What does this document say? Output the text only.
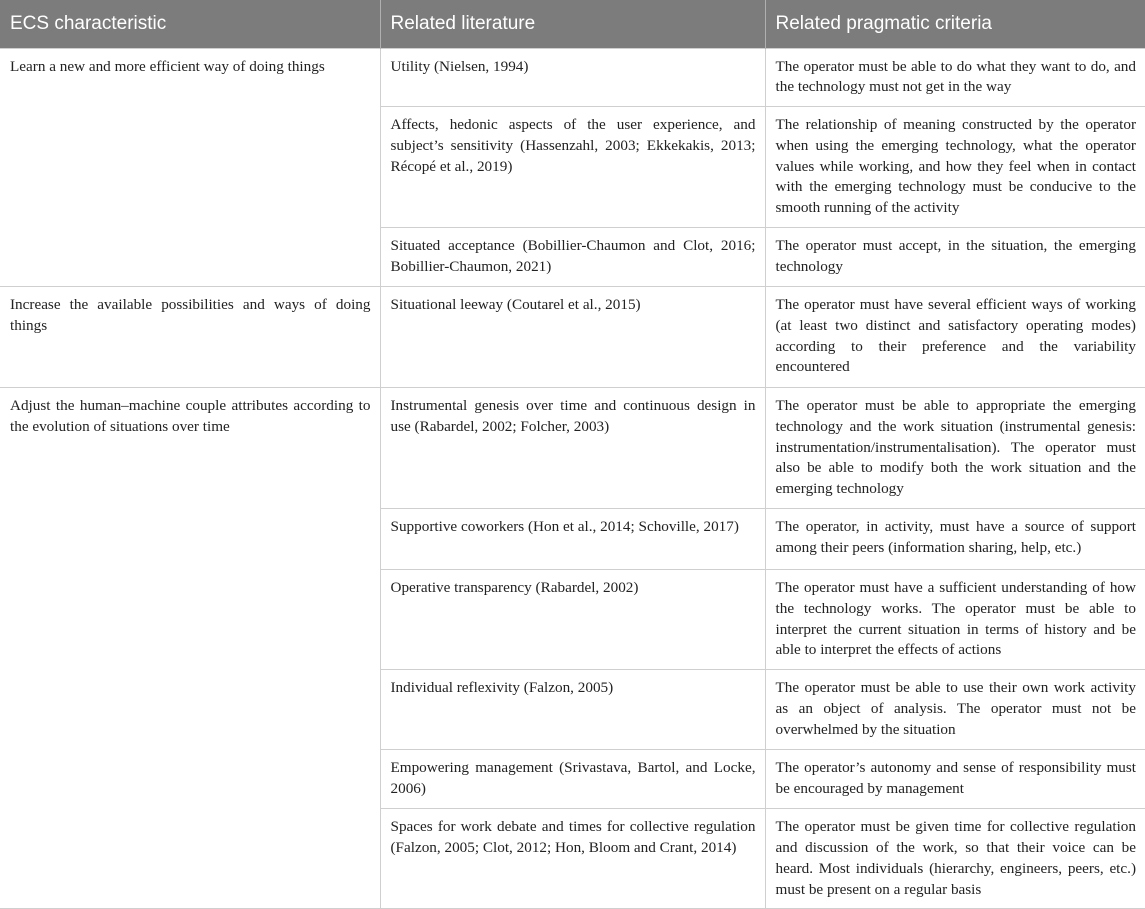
ECS characteristic	Related literature	Related pragmatic criteria
Learn a new and more efficient way of doing things	Utility (Nielsen, 1994)	The operator must be able to do what they want to do, and the technology must not get in the way
	Affects, hedonic aspects of the user experience, and subject’s sensitivity (Hassenzahl, 2003; Ekkekakis, 2013; Récopé et al., 2019)	The relationship of meaning constructed by the operator when using the emerging technology, what the operator values while working, and how they feel when in contact with the emerging technology must be conducive to the smooth running of the activity
	Situated acceptance (Bobillier-Chaumon and Clot, 2016; Bobillier-Chaumon, 2021)	The operator must accept, in the situation, the emerging technology
Increase the available possibilities and ways of doing things	Situational leeway (Coutarel et al., 2015)	The operator must have several efficient ways of working (at least two distinct and satisfactory operating modes) according to their preference and the variability encountered
Adjust the human–machine couple attributes according to the evolution of situations over time	Instrumental genesis over time and continuous design in use (Rabardel, 2002; Folcher, 2003)	The operator must be able to appropriate the emerging technology and the work situation (instrumental genesis: instrumentation/instrumentalisation). The operator must also be able to modify both the work situation and the emerging technology
	Supportive coworkers (Hon et al., 2014; Schoville, 2017)	The operator, in activity, must have a source of support among their peers (information sharing, help, etc.)
	Operative transparency (Rabardel, 2002)	The operator must have a sufficient understanding of how the technology works. The operator must be able to interpret the current situation in terms of history and be able to interpret the effects of actions
	Individual reflexivity (Falzon, 2005)	The operator must be able to use their own work activity as an object of analysis. The operator must not be overwhelmed by the situation
	Empowering management (Srivastava, Bartol, and Locke, 2006)	The operator’s autonomy and sense of responsibility must be encouraged by management
	Spaces for work debate and times for collective regulation (Falzon, 2005; Clot, 2012; Hon, Bloom and Crant, 2014)	The operator must be given time for collective regulation and discussion of the work, so that their voice can be heard. Most individuals (hierarchy, engineers, peers, etc.) must be present on a regular basis
